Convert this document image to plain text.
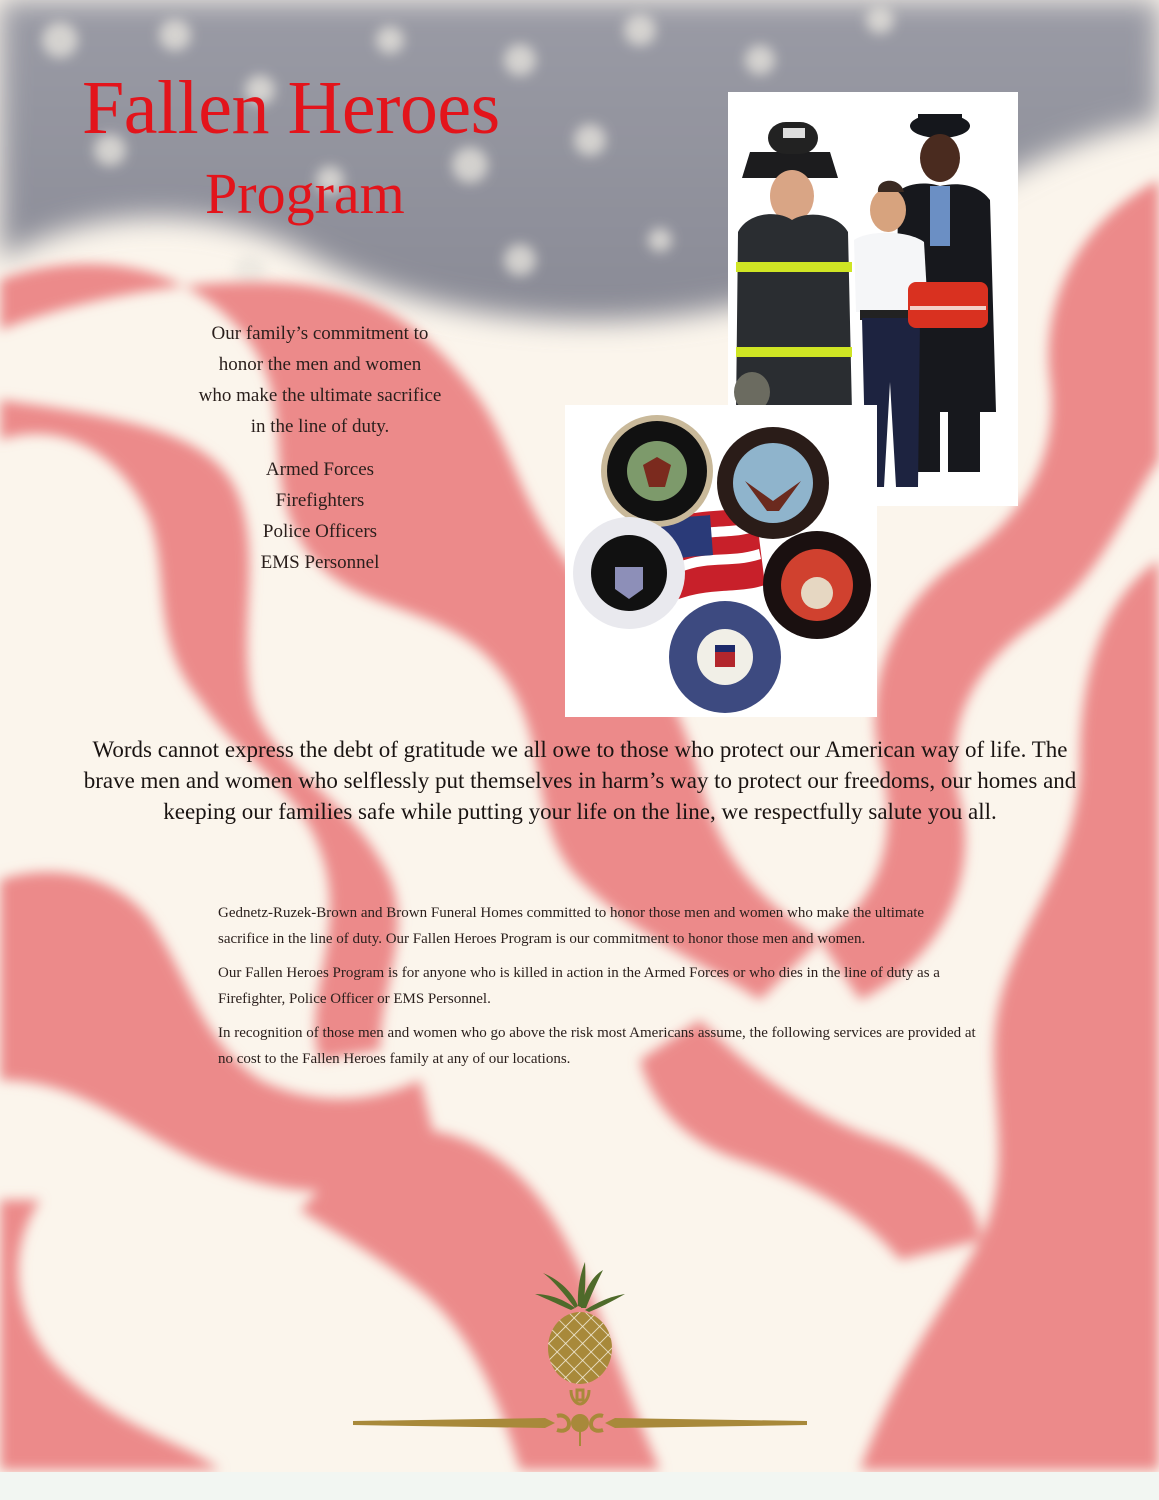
Fallen Heroes
Program

Our family’s commitment to

honor the men and women

who make the ultimate sacrifice

in the line of duty.

Armed Forces
Firefighters
Police Officers
EMS Personnel

Words cannot express the debt of gratitude we all owe to those who protect our American way of life. The brave men and women who selflessly put themselves in harm’s way to protect our freedoms, our homes and keeping our families safe while putting your life on the line, we respectfully salute you all.

Gednetz-Ruzek-Brown and Brown Funeral Homes committed to honor those men and women who make the ultimate sacrifice in the line of duty. Our Fallen Heroes Program is our commitment to honor those men and women.

Our Fallen Heroes Program is for anyone who is killed in action in the Armed Forces or who dies in the line of duty as a Firefighter, Police Officer or EMS Personnel.

In recognition of those men and women who go above the risk most Americans assume, the following services are provided at no cost to the Fallen Heroes family at any of our locations.
